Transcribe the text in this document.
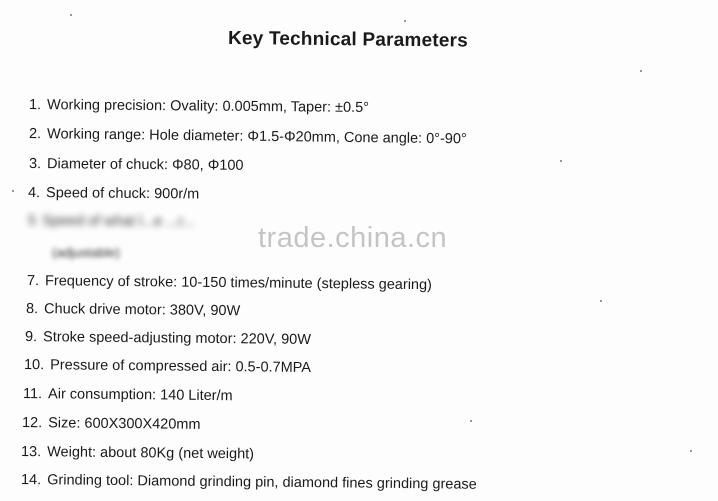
Key Technical Parameters
1. Working precision: Ovality: 0.005mm, Taper: ±0.5°
2. Working range: Hole diameter: Φ1.5-Φ20mm, Cone angle: 0°-90°
3. Diameter of chuck: Φ80, Φ100
4. Speed of chuck: 900r/m
5 Speed of what l...e ...r...
(adjustable)	trade.china.cn
7. Frequency of stroke: 10-150 times/minute (stepless gearing)
8. Chuck drive motor: 380V, 90W
9. Stroke speed-adjusting motor: 220V, 90W
10. Pressure of compressed air: 0.5-0.7MPA
11. Air consumption: 140 Liter/m
12. Size: 600X300X420mm
13. Weight: about 80Kg (net weight)
14. Grinding tool: Diamond grinding pin, diamond fines grinding grease
